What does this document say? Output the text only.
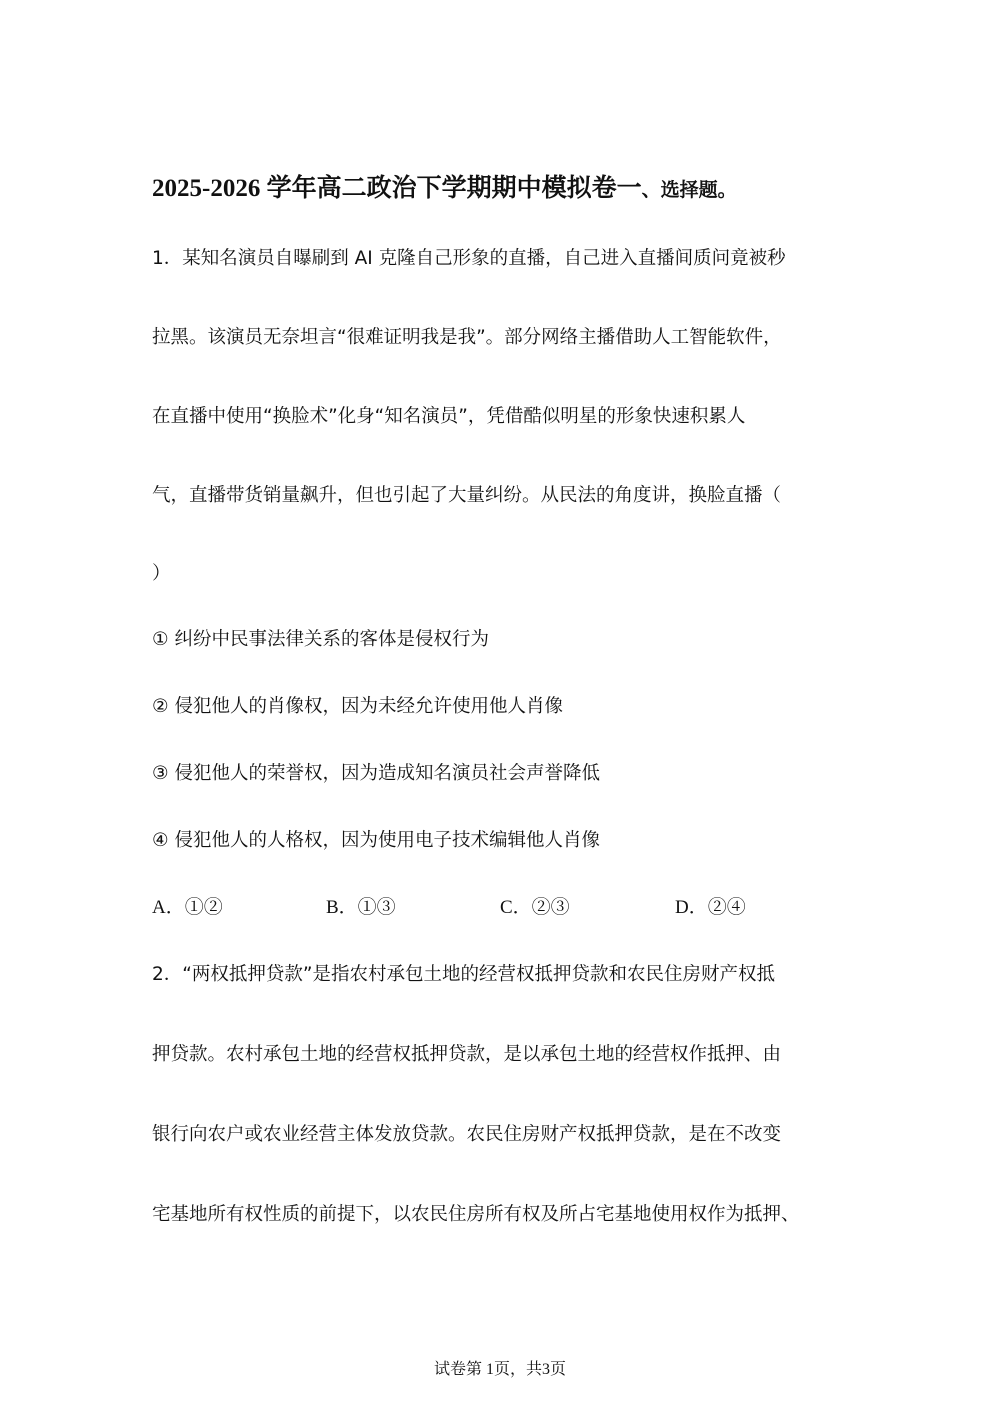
2025-2026 学年高二政治下学期期中模拟卷一、选择题。
1．某知名演员自曝刷到 AI 克隆自己形象的直播，自己进入直播间质问竟被秒
拉黑。该演员无奈坦言“很难证明我是我”。部分网络主播借助人工智能软件，
在直播中使用“换脸术”化身“知名演员”，凭借酷似明星的形象快速积累人
气，直播带货销量飙升，但也引起了大量纠纷。从民法的角度讲，换脸直播（
）
① 纠纷中民事法律关系的客体是侵权行为
② 侵犯他人的肖像权，因为未经允许使用他人肖像
③ 侵犯他人的荣誉权，因为造成知名演员社会声誉降低
④ 侵犯他人的人格权，因为使用电子技术编辑他人肖像
A．①②	B．①③	C．②③	D．②④
2．“两权抵押贷款”是指农村承包土地的经营权抵押贷款和农民住房财产权抵
押贷款。农村承包土地的经营权抵押贷款，是以承包土地的经营权作抵押、由
银行向农户或农业经营主体发放贷款。农民住房财产权抵押贷款，是在不改变
宅基地所有权性质的前提下，以农民住房所有权及所占宅基地使用权作为抵押、
试卷第 1页，共3页
